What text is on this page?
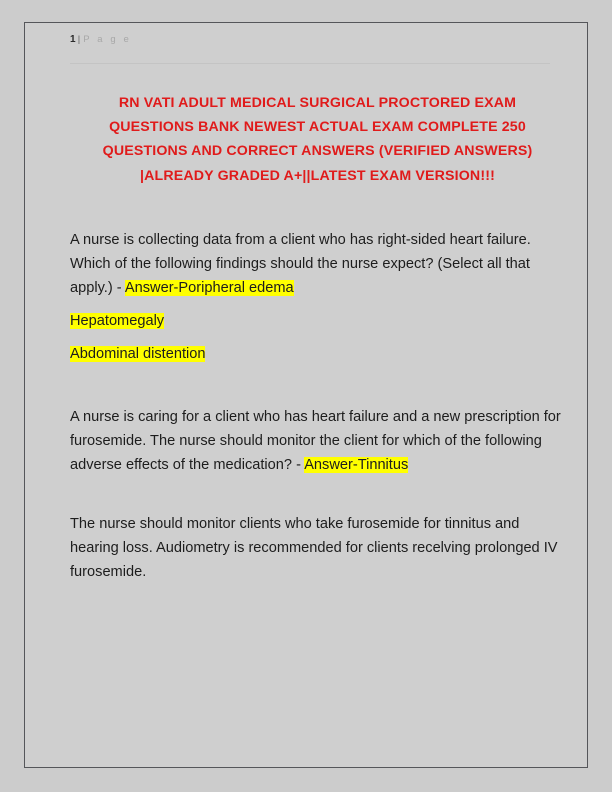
1 | P a g e
RN VATI ADULT MEDICAL SURGICAL PROCTORED EXAM QUESTIONS BANK NEWEST ACTUAL EXAM COMPLETE 250 QUESTIONS AND CORRECT ANSWERS (VERIFIED ANSWERS) |ALREADY GRADED A+||LATEST EXAM VERSION!!!

A nurse is collecting data from a client who has right-sided heart failure. Which of the following findings should the nurse expect? (Select all that apply.) - Answer-Poripheral edema

Hepatomegaly

Abdominal distention

A nurse is caring for a client who has heart failure and a new prescription for furosemide. The nurse should monitor the client for which of the following adverse effects of the medication? - Answer-Tinnitus

The nurse should monitor clients who take furosemide for tinnitus and hearing loss. Audiometry is recommended for clients recelving prolonged IV furosemide.
